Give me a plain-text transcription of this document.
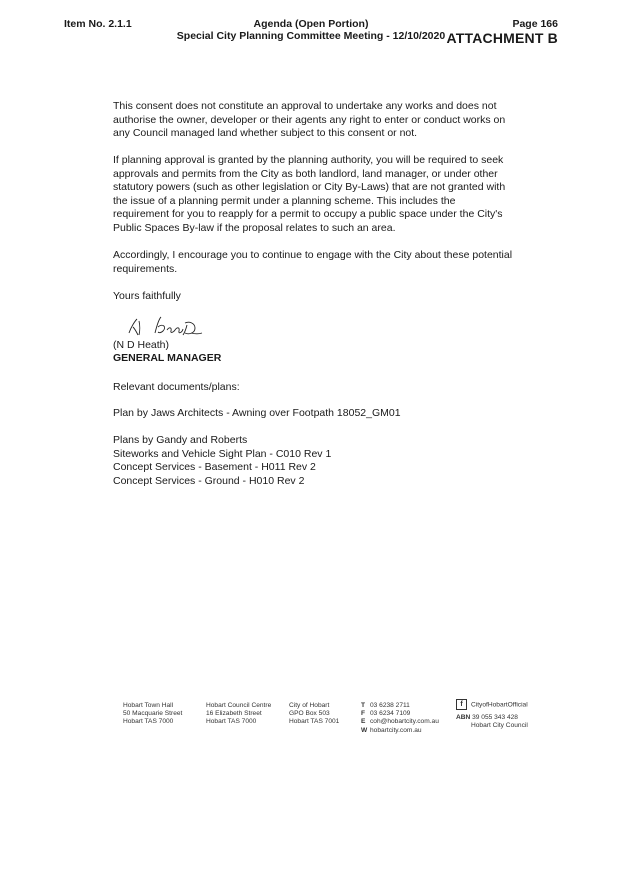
Item No. 2.1.1	Agenda (Open Portion)
Special City Planning Committee Meeting - 12/10/2020
Page 166
ATTACHMENT B

This consent does not constitute an approval to undertake any works and does not authorise the owner, developer or their agents any right to enter or conduct works on any Council managed land whether subject to this consent or not.

If planning approval is granted by the planning authority, you will be required to seek approvals and permits from the City as both landlord, land manager, or under other statutory powers (such as other legislation or City By-Laws) that are not granted with the issue of a planning permit under a planning scheme. This includes the requirement for you to reapply for a permit to occupy a public space under the City's Public Spaces By-law if the proposal relates to such an area.

Accordingly, I encourage you to continue to engage with the City about these potential requirements.

Yours faithfully
(N D Heath)
GENERAL MANAGER
Relevant documents/plans:
Plan by Jaws Architects - Awning over Footpath 18052_GM01
Plans by Gandy and Roberts
Siteworks and Vehicle Sight Plan - C010 Rev 1
Concept Services - Basement - H011 Rev 2
Concept Services - Ground - H010 Rev 2
Hobart Town Hall
50 Macquarie Street
Hobart TAS 7000
Hobart Council Centre
16 Elizabeth Street
Hobart TAS 7000
City of Hobart
GPO Box 503
Hobart TAS 7001
T 03 6238 2711
F 03 6234 7109
E coh@hobartcity.com.au
W hobartcity.com.au
f CityofHobartOfficial
ABN 39 055 343 428
Hobart City Council
